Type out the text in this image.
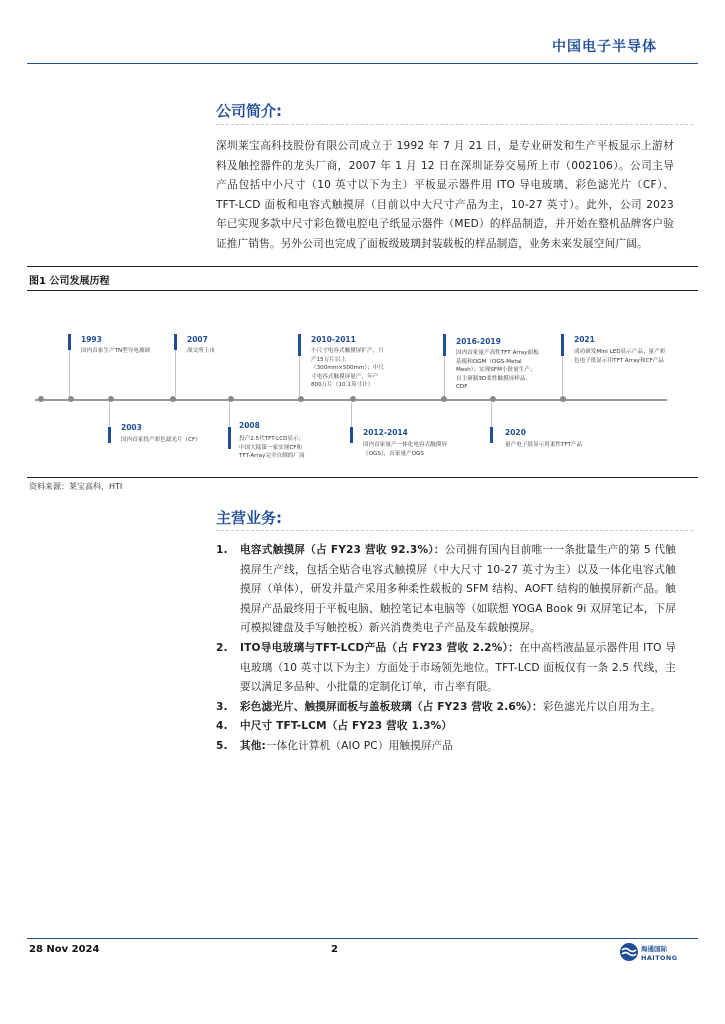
中国电子半导体
公司简介:
深圳莱宝高科技股份有限公司成立于 1992 年 7 月 21 日，是专业研发和生产平板显示上游材料及触控器件的龙头厂商，2007 年 1 月 12 日在深圳证券交易所上市（002106）。公司主导产品包括中小尺寸（10 英寸以下为主）平板显示器件用 ITO 导电玻璃、彩色滤光片（CF）、TFT-LCD 面板和电容式触摸屏（目前以中大尺寸产品为主，10-27 英寸）。此外，公司 2023 年已实现多款中尺寸彩色微电腔电子纸显示器件（MED）的样品制造，并开始在整机品牌客户验证推广销售。另外公司也完成了面板级玻璃封装载板的样品制造，业务未来发展空间广阔。
图1 公司发展历程
1993
国内首家生产TN型导电玻璃
2003
国内首家投产彩色滤光片（CF）
2007
深交所上市
2008
投产2.5代TFT-LCD显示；中国大陆第一家实现CF和TFT-Array完全自制的厂商
2010-2011
小尺寸电容式触摸屏扩产，月产15万片以上（300mm×500mm）；中尺寸电容式触摸屏量产，年产800万片（10.1英寸计）
2012-2014
国内首家量产一体化电容式触摸屏（OGS），首家量产OGS
2016-2019
国内首家量产高性TFT Array面板基板和OGM（OGS-Metal Mesh）；实现SFM小批量生产；自主研制3D柔性触摸屏样品，CDF
2020
量产电子纸显示用柔性TFT产品
2021
成功研发Mini LED显示产品；量产彩色电子纸显示用TFT Array和CF产品
资料来源：莱宝高科，HTI
主营业务:
1. 电容式触摸屏（占 FY23 营收 92.3%）：公司拥有国内目前唯一一条批量生产的第 5 代触摸屏生产线，包括全贴合电容式触摸屏（中大尺寸 10-27 英寸为主）以及一体化电容式触摸屏（单体），研发并量产采用多种柔性载板的 SFM 结构、AOFT 结构的触摸屏新产品。触摸屏产品最终用于平板电脑、触控笔记本电脑等（如联想 YOGA Book 9i 双屏笔记本，下屏可模拟键盘及手写触控板）新兴消费类电子产品及车载触摸屏。
2. ITO导电玻璃与TFT-LCD产品（占 FY23 营收 2.2%）：在中高档液晶显示器件用 ITO 导电玻璃（10 英寸以下为主）方面处于市场领先地位。TFT-LCD 面板仅有一条 2.5 代线，主要以满足多品种、小批量的定制化订单，市占率有限。
3. 彩色滤光片、触摸屏面板与盖板玻璃（占 FY23 营收 2.6%）：彩色滤光片以自用为主。
4. 中尺寸 TFT-LCM（占 FY23 营收 1.3%）
5. 其他:一体化计算机（AIO PC）用触摸屏产品
28 Nov 2024	2	海通国际
HAITONG
